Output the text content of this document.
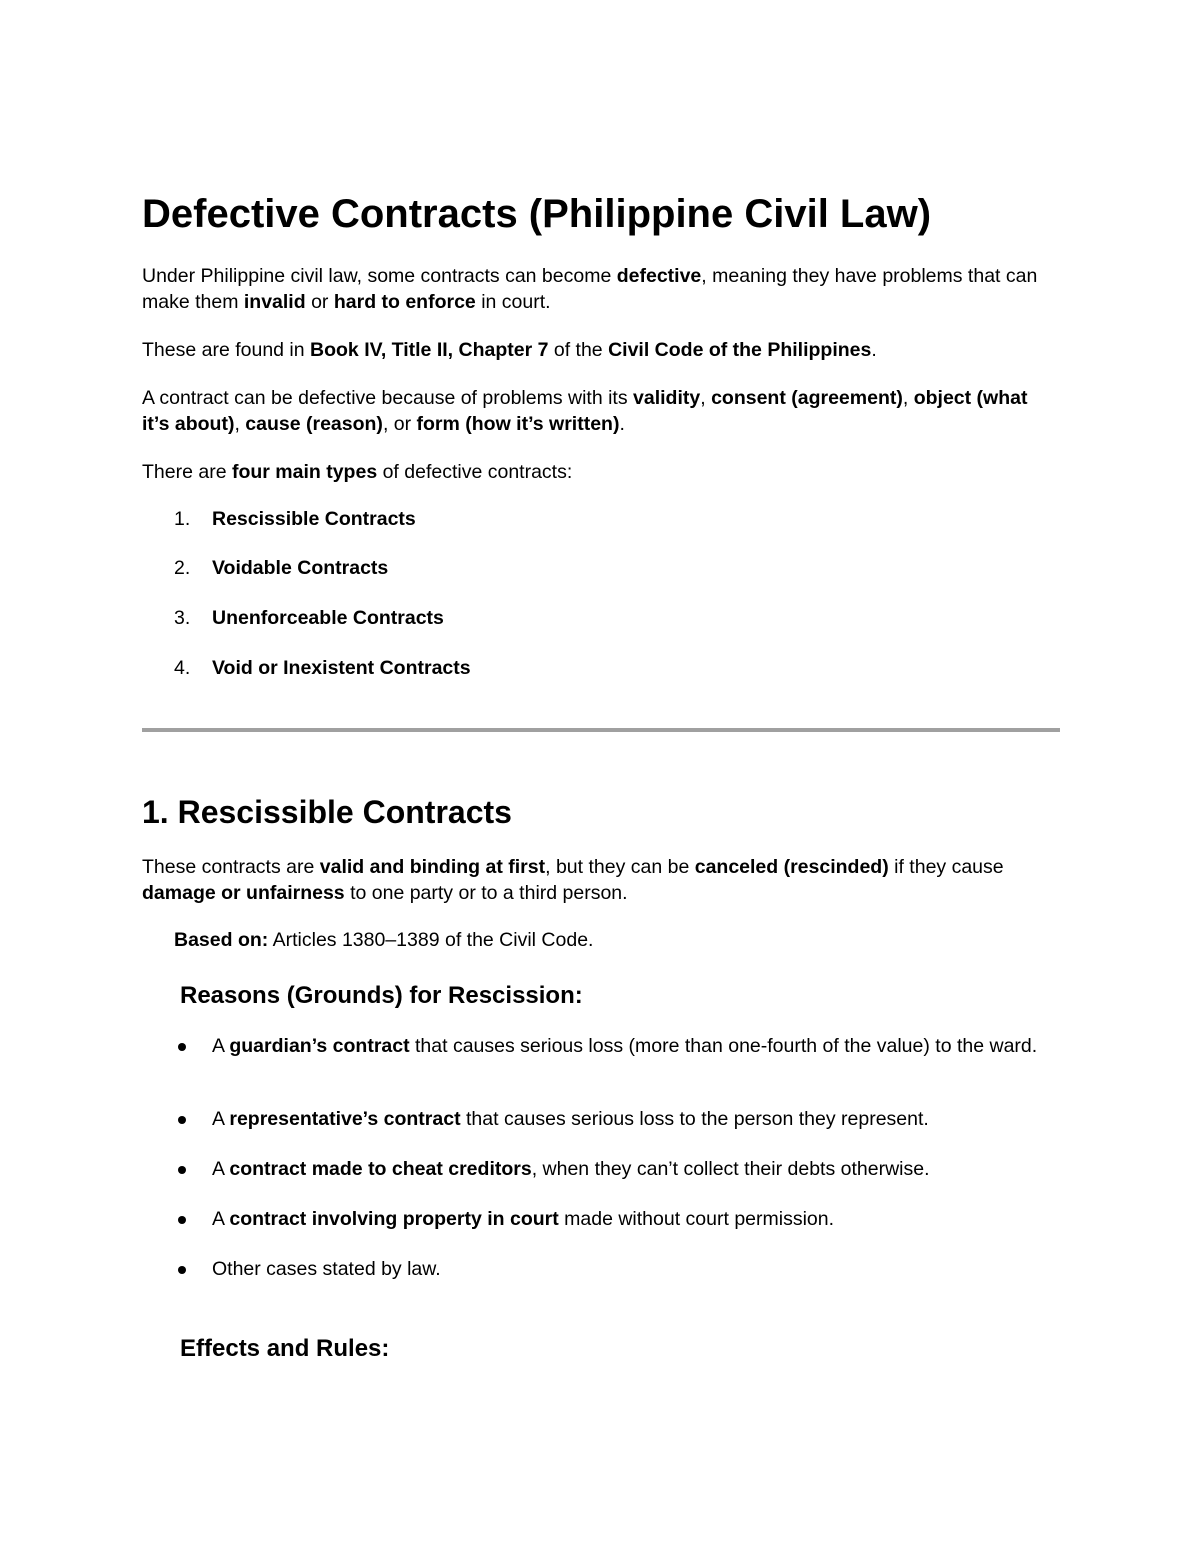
Defective Contracts (Philippine Civil Law)

Under Philippine civil law, some contracts can become defective, meaning they have problems that can make them invalid or hard to enforce in court.

These are found in Book IV, Title II, Chapter 7 of the Civil Code of the Philippines.

A contract can be defective because of problems with its validity, consent (agreement), object (what it’s about), cause (reason), or form (how it’s written).

There are four main types of defective contracts:

1. Rescissible Contracts
2. Voidable Contracts
3. Unenforceable Contracts
4. Void or Inexistent Contracts
1. Rescissible Contracts

These contracts are valid and binding at first, but they can be canceled (rescinded) if they cause damage or unfairness to one party or to a third person.

Based on: Articles 1380–1389 of the Civil Code.

Reasons (Grounds) for Rescission:

A guardian’s contract that causes serious loss (more than one-fourth of the value) to the ward.

A representative’s contract that causes serious loss to the person they represent.

A contract made to cheat creditors, when they can’t collect their debts otherwise.

A contract involving property in court made without court permission.

Other cases stated by law.

Effects and Rules:
